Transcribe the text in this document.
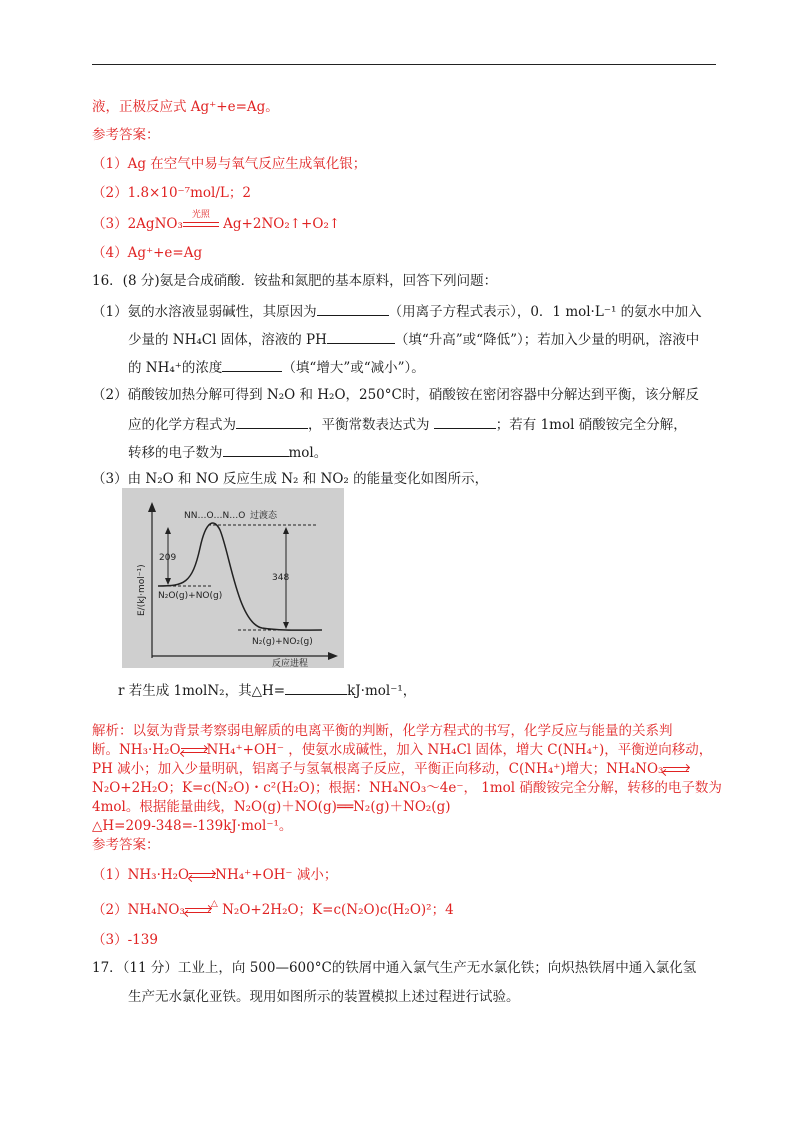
液，正极反应式 Ag⁺+e=Ag。
参考答案：
（1）Ag 在空气中易与氧气反应生成氧化银；
（2）1.8×10⁻⁷mol/L；2
（3）2AgNO₃
光照
Ag+2NO₂↑+O₂↑
（4）Ag⁺+e=Ag
16．(8 分)氨是合成硝酸．铵盐和氮肥的基本原料，回答下列问题：
（1）氨的水溶液显弱碱性，其原因为	（用离子方程式表示），0．1 mol·L⁻¹ 的氨水中加入
少量的 NH₄Cl 固体，溶液的 PH	（填“升高”或“降低”）；若加入少量的明矾，溶液中
的 NH₄⁺的浓度	（填“增大”或“减小”）。
（2）硝酸铵加热分解可得到 N₂O 和 H₂O，250°C时，硝酸铵在密闭容器中分解达到平衡，该分解反
应的化学方程式为	，平衡常数表达式为	；若有 1mol 硝酸铵完全分解，
转移的电子数为	mol。
（3）由 N₂O 和 NO 反应生成 N₂ 和 NO₂ 的能量变化如图所示，
NN…O…N…O 过渡态
209
348
N₂O(g)+NO(g)
N₂(g)+NO₂(g)
反应进程
E/(kJ·mol⁻¹)
r 若生成 1molN₂，其△H=	kJ·mol⁻¹，
解析：以氨为背景考察弱电解质的电离平衡的判断，化学方程式的书写，化学反应与能量的关系判
断。NH₃·H₂O NH₄⁺+OH⁻ ，使氨水成碱性，加入 NH₄Cl 固体，增大 C(NH₄⁺)，平衡逆向移动，
PH 减小；加入少量明矾，铝离子与氢氧根离子反应，平衡正向移动，C(NH₄⁺)增大；NH₄NO₃
N₂O+2H₂O；K=c(N₂O)・c²(H₂O)；根据：NH₄NO₃～4e⁻， 1mol 硝酸铵完全分解，转移的电子数为
4mol。根据能量曲线，N₂O(g)＋NO(g)══N₂(g)＋NO₂(g)
△H=209-348=-139kJ·mol⁻¹。
参考答案：
（1）NH₃·H₂O NH₄⁺+OH⁻ 减小；
（2）NH₄NO₃	△ N₂O+2H₂O；K=c(N₂O)c(H₂O)²；4
（3）-139
17．（11 分）工业上，向 500—600°C的铁屑中通入氯气生产无水氯化铁；向炽热铁屑中通入氯化氢
生产无水氯化亚铁。现用如图所示的装置模拟上述过程进行试验。
